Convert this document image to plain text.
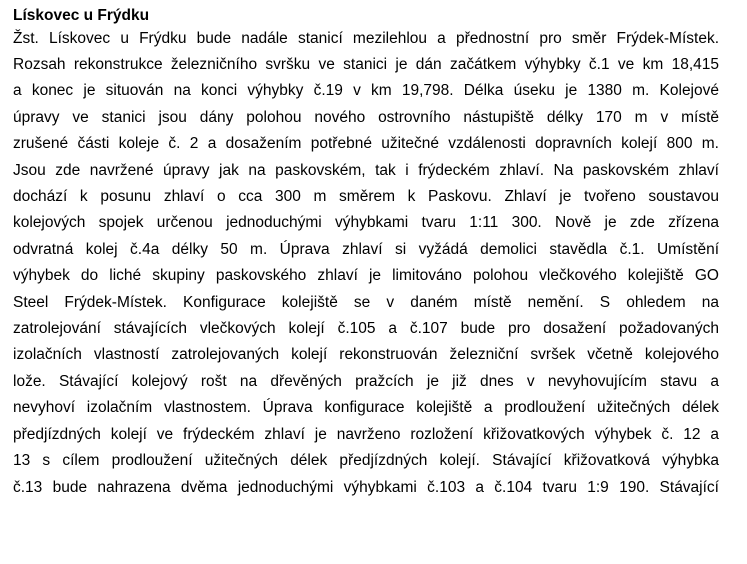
Lískovec u Frýdku
Žst. Lískovec u Frýdku bude nadále stanicí mezilehlou a přednostní pro směr Frýdek-Místek.
Rozsah rekonstrukce železničního svršku ve stanici je dán začátkem výhybky č.1 ve km 18,415
a konec je situován na konci výhybky č.19 v km 19,798. Délka úseku je 1380 m. Kolejové
úpravy ve stanici jsou dány polohou nového ostrovního nástupiště délky 170 m v místě
zrušené části koleje č. 2 a dosažením potřebné užitečné vzdálenosti dopravních kolejí 800 m.
Jsou zde navržené úpravy jak na paskovském, tak i frýdeckém zhlaví. Na paskovském zhlaví
dochází k posunu zhlaví o cca 300 m směrem k Paskovu. Zhlaví je tvořeno soustavou
kolejových spojek určenou jednoduchými výhybkami tvaru 1:11 300. Nově je zde zřízena
odvratná kolej č.4a délky 50 m. Úprava zhlaví si vyžádá demolici stavědla č.1. Umístění
výhybek do liché skupiny paskovského zhlaví je limitováno polohou vlečkového kolejiště GO
Steel Frýdek-Místek. Konfigurace kolejiště se v daném místě nemění. S ohledem na
zatrolejování stávajících vlečkových kolejí č.105 a č.107 bude pro dosažení požadovaných
izolačních vlastností zatrolejovaných kolejí rekonstruován železniční svršek včetně kolejového
lože. Stávající kolejový rošt na dřevěných pražcích je již dnes v nevyhovujícím stavu a
nevyhoví izolačním vlastnostem. Úprava konfigurace kolejiště a prodloužení užitečných délek
předjízdných kolejí ve frýdeckém zhlaví je navrženo rozložení křižovatkových výhybek č. 12 a
13 s cílem prodloužení užitečných délek předjízdných kolejí. Stávající křižovatková výhybka
č.13 bude nahrazena dvěma jednoduchými výhybkami č.103 a č.104 tvaru 1:9 190. Stávající
